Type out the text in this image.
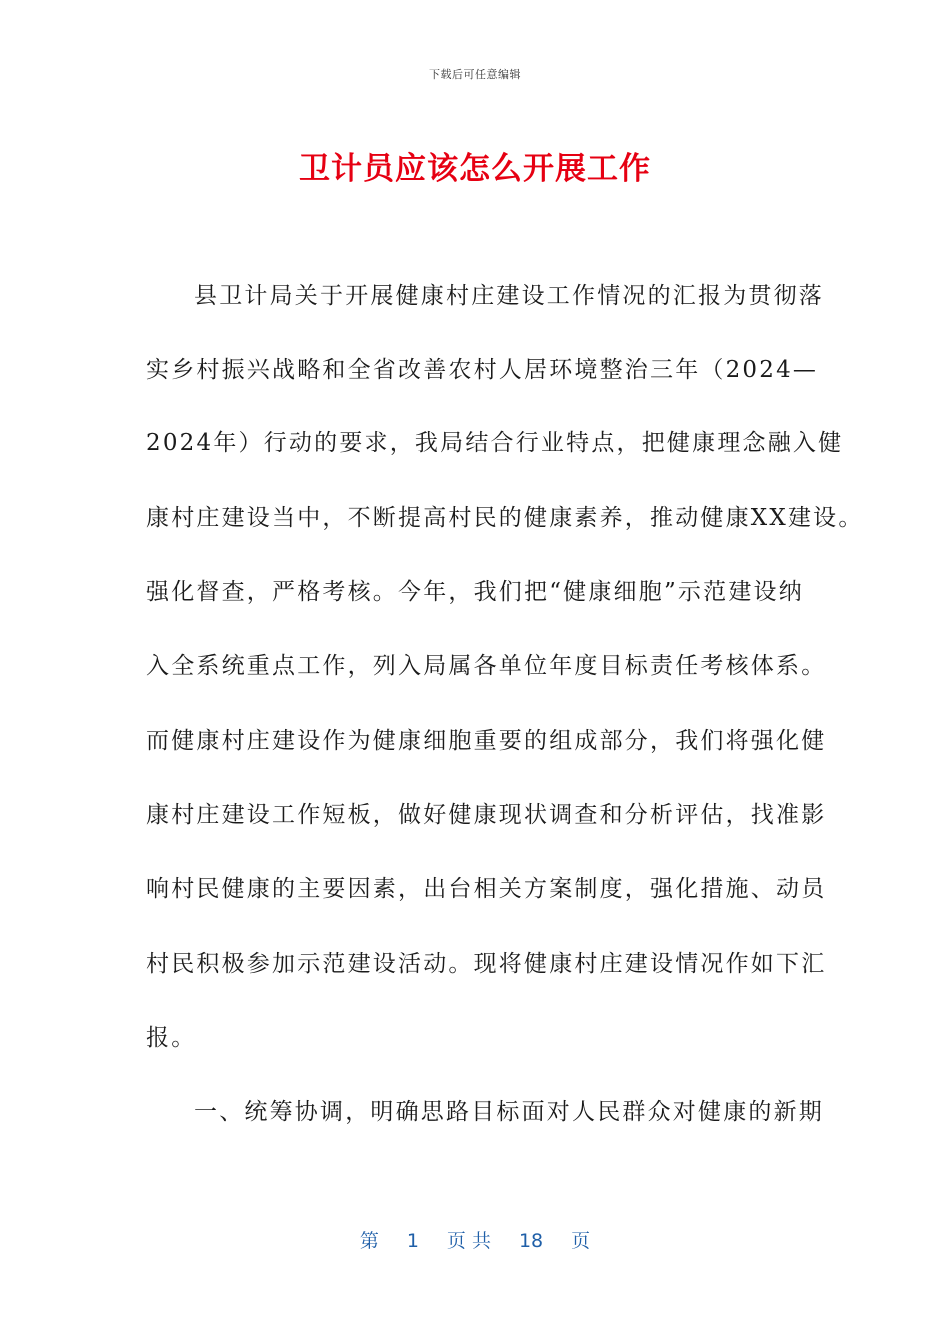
下载后可任意编辑
卫计员应该怎么开展工作
县卫计局关于开展健康村庄建设工作情况的汇报为贯彻落
实乡村振兴战略和全省改善农村人居环境整治三年（2024—
2024年）行动的要求，我局结合行业特点，把健康理念融入健
康村庄建设当中，不断提高村民的健康素养，推动健康XX建设。
强化督查，严格考核。今年，我们把“健康细胞”示范建设纳
入全系统重点工作，列入局属各单位年度目标责任考核体系。
而健康村庄建设作为健康细胞重要的组成部分，我们将强化健
康村庄建设工作短板，做好健康现状调查和分析评估，找准影
响村民健康的主要因素，出台相关方案制度，强化措施、动员
村民积极参加示范建设活动。现将健康村庄建设情况作如下汇
报。
一、统筹协调，明确思路目标面对人民群众对健康的新期
第 1 页 共 18 页
